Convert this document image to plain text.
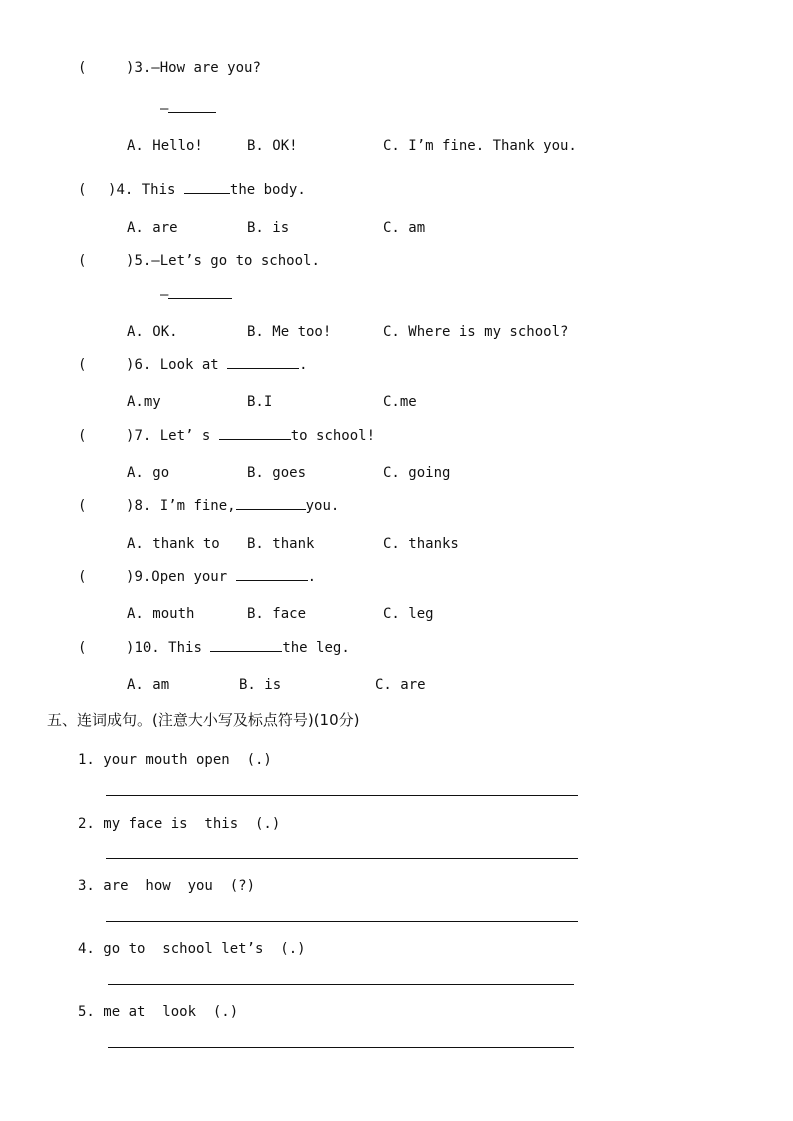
(	)3.—How are you?
—
A. Hello!	B. OK!	C. I’m fine. Thank you.
( )4. This	the body.
A. are	B. is	C. am
(	)5.—Let’s go to school.
—
A. OK.	B. Me too!	C. Where is my school?
(	)6. Look at	.
A.my	B.I	C.me
(	)7. Let’ s	to school!
A. go	B. goes	C. going
(	)8. I’m fine,	you.
A. thank to B. thank	C. thanks
(	)9.Open your	.
A. mouth	B. face	C. leg
(	)10. This	the leg.
A. am	B. is	C. are
五、连词成句。(注意大小写及标点符号)(10分)
1. your mouth open  (.)
2. my face is  this  (.)
3. are  how  you  (?)
4. go to  school let’s  (.)
5. me at  look  (.)
